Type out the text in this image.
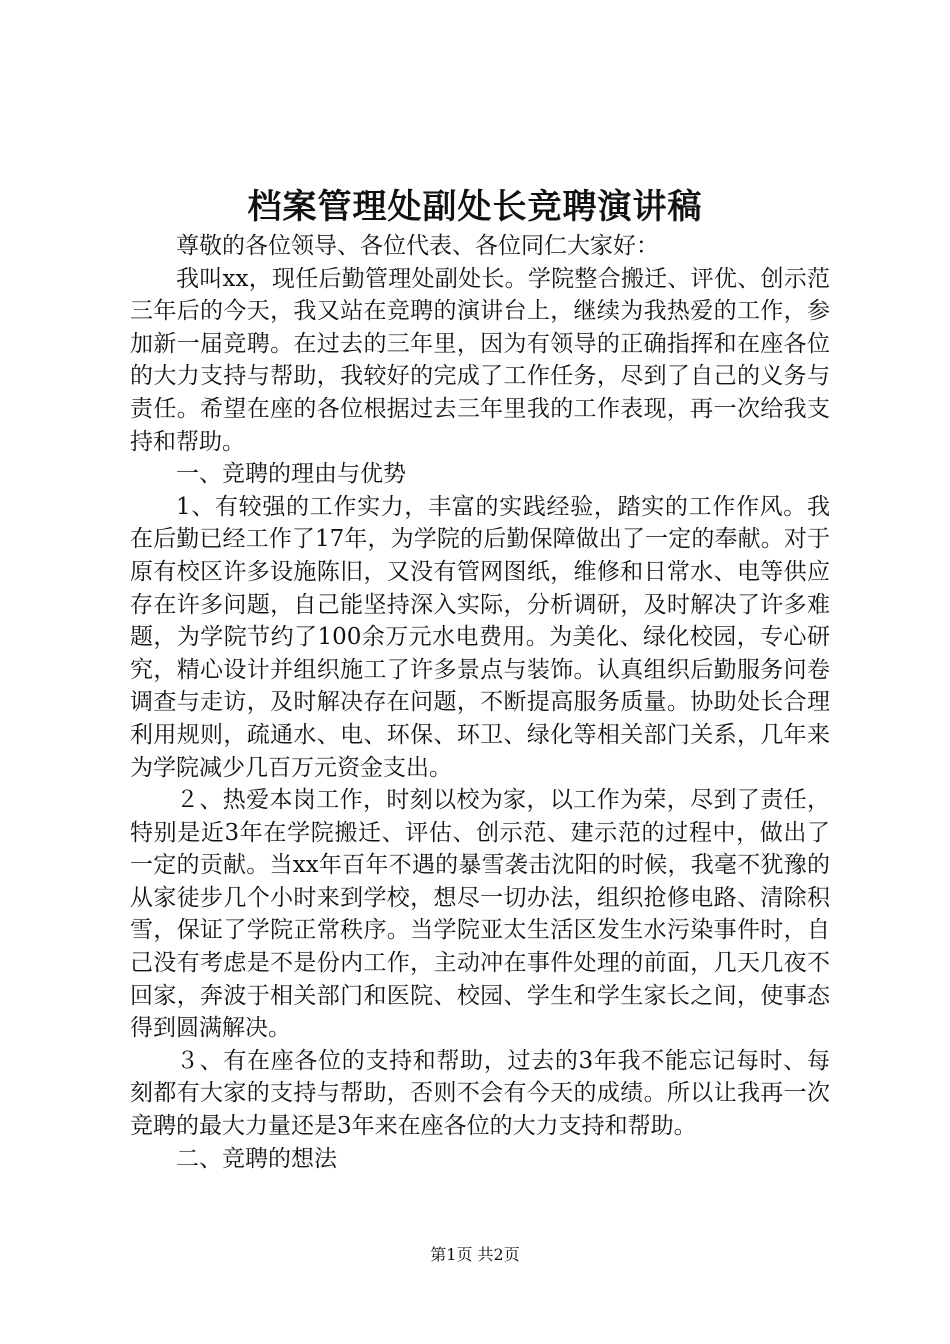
档案管理处副处长竞聘演讲稿

尊敬的各位领导、各位代表、各位同仁大家好：

我叫xx，现任后勤管理处副处长。学院整合搬迁、评优、创示范三年后的今天，我又站在竞聘的演讲台上，继续为我热爱的工作，参加新一届竞聘。在过去的三年里，因为有领导的正确指挥和在座各位的大力支持与帮助，我较好的完成了工作任务，尽到了自己的义务与责任。希望在座的各位根据过去三年里我的工作表现，再一次给我支持和帮助。

一、竞聘的理由与优势

1、有较强的工作实力，丰富的实践经验，踏实的工作作风。我在后勤已经工作了17年，为学院的后勤保障做出了一定的奉献。对于原有校区许多设施陈旧，又没有管网图纸，维修和日常水、电等供应存在许多问题，自己能坚持深入实际，分析调研，及时解决了许多难题，为学院节约了100余万元水电费用。为美化、绿化校园，专心研究，精心设计并组织施工了许多景点与装饰。认真组织后勤服务问卷调查与走访，及时解决存在问题，不断提高服务质量。协助处长合理利用规则，疏通水、电、环保、环卫、绿化等相关部门关系，几年来为学院减少几百万元资金支出。

２、热爱本岗工作，时刻以校为家，以工作为荣，尽到了责任，特别是近3年在学院搬迁、评估、创示范、建示范的过程中，做出了一定的贡献。当xx年百年不遇的暴雪袭击沈阳的时候，我毫不犹豫的从家徒步几个小时来到学校，想尽一切办法，组织抢修电路、清除积雪，保证了学院正常秩序。当学院亚太生活区发生水污染事件时，自己没有考虑是不是份内工作，主动冲在事件处理的前面，几天几夜不回家，奔波于相关部门和医院、校园、学生和学生家长之间，使事态得到圆满解决。

３、有在座各位的支持和帮助，过去的3年我不能忘记每时、每刻都有大家的支持与帮助，否则不会有今天的成绩。所以让我再一次竞聘的最大力量还是3年来在座各位的大力支持和帮助。

二、竞聘的想法

第1页 共2页
